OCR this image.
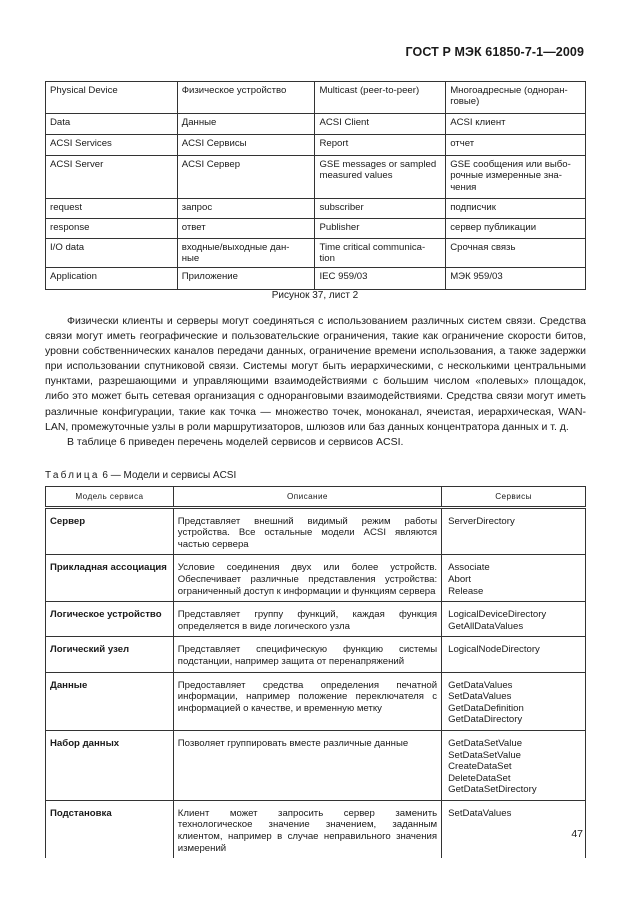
ГОСТ Р МЭК 61850-7-1—2009
Physical Device	Физическое устройство	Multicast (peer-to-peer)	Многоадресные (однoран-
говые)
Data	Данные	ACSI Client	ACSI клиент
ACSI Services	ACSI Сервисы	Report	отчет
ACSI Server	ACSI Сервер	GSE messages or sampled
measured values	GSE сообщения или выбо-
рочные измеренные зна-
чения
request	запрос	subscriber	подписчик
response	ответ	Publisher	сервер публикации
I/O data	входные/выходные дан-
ные	Time critical communica-
tion	Срочная связь
Application	Приложение	IEC 959/03	МЭК 959/03
Рисунок 37, лист 2

Физически клиенты и серверы могут соединяться с использованием различных систем связи. Средства связи могут иметь географические и пользовательские ограничения, такие как ограничение скорости битов, уровни собственнических каналов передачи данных, ограничение времени использования, а также задержки при использовании спутниковой связи. Системы могут быть иерархическими, с несколькими центральными пунктами, разрешающими и управляющими взаимодействиями с большим числом «полевых» площадок, либо это может быть сетевая организация с одноранговыми взаимодействиями. Средства связи могут иметь различные конфигурации, такие как точка — множество точек, моноканал, ячеистая, иерархическая, WAN-LAN, промежуточные узлы в роли маршрутизаторов, шлюзов или баз данных концентратора данных и т. д.

В таблице 6 приведен перечень моделей сервисов и сервисов ACSI.

Таблица 6 — Модели и сервисы ACSI
Модель сервиса	Описание	Сервисы
Сервер	Представляет внешний видимый режим работы устройства. Все остальные модели ACSI являются частью сервера	ServerDirectory
Прикладная ассоциация	Условие соединения двух или более устройств. Обеспечивает различные представления устройства: ограниченный доступ к информации и функциям сервера	Associate
Abort
Release
Логическое устройство	Представляет группу функций, каждая функция определяется в виде логического узла	LogicalDeviceDirectory
GetAllDataValues
Логический узел	Представляет специфическую функцию системы подстанции, например защита от перенапряжений	LogicalNodeDirectory
Данные	Предоставляет средства определения печатной информации, например положение переключателя с информацией о качестве, и временную метку	GetDataValues
SetDataValues
GetDataDefinition
GetDataDirectory
Набор данных	Позволяет группировать вместе различные данные	GetDataSetValue
SetDataSetValue
CreateDataSet
DeleteDataSet
GetDataSetDirectory
Подстановка	Клиент может запросить сервер заменить технологическое значение значением, заданным клиентом, например в случае неправильного значения измерений	SetDataValues
47
